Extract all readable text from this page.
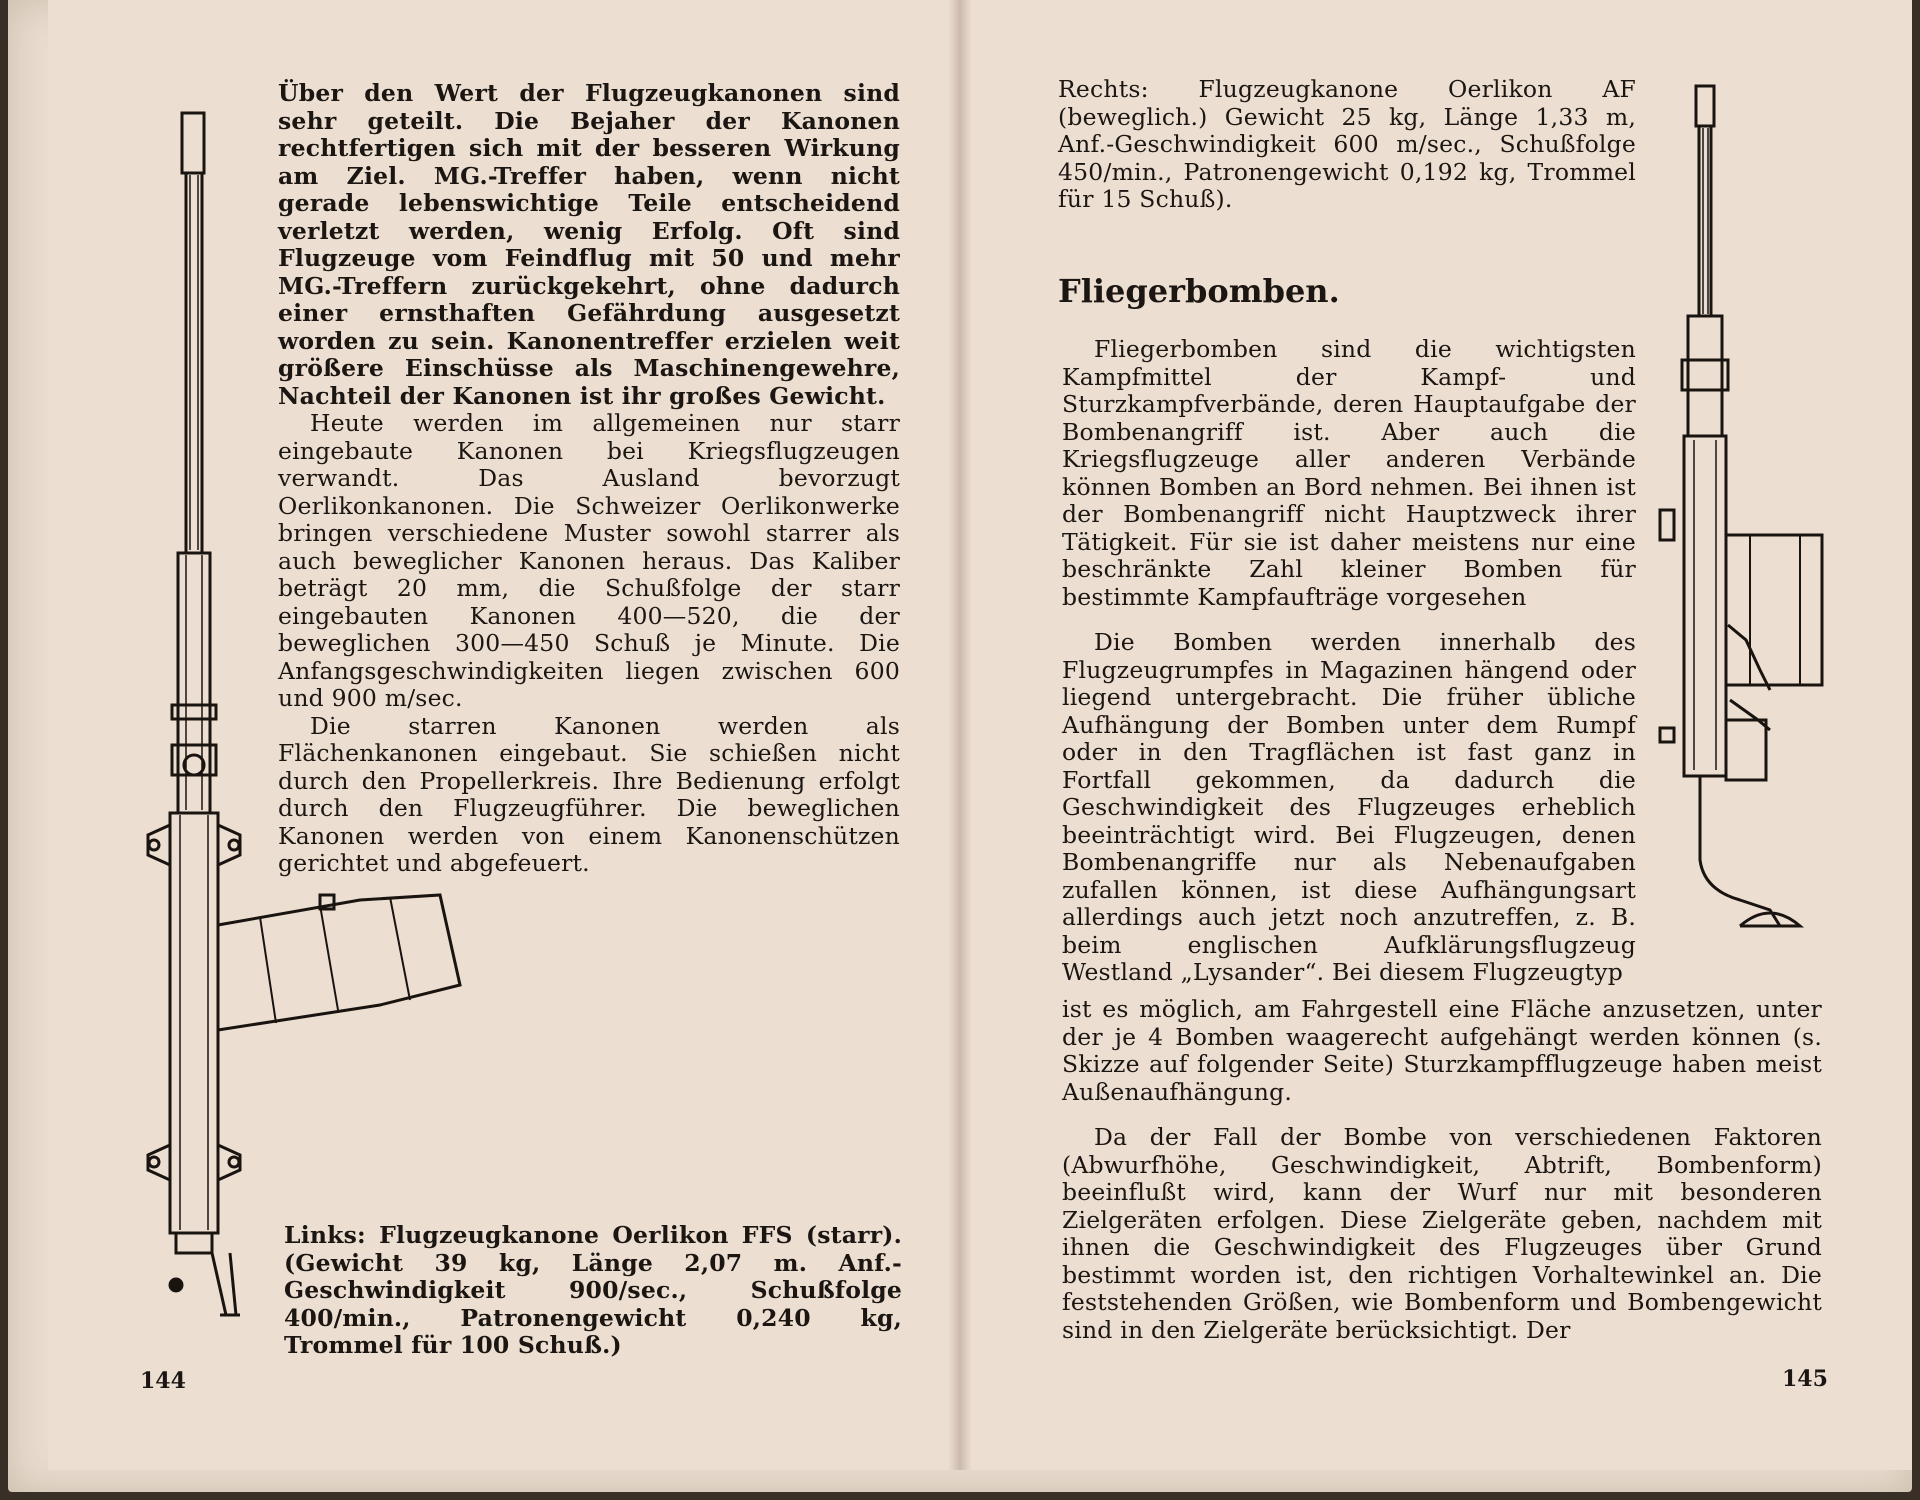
Über den Wert der Flugzeugkanonen sind sehr geteilt. Die Bejaher der Kanonen rechtfertigen sich mit der besseren Wirkung am Ziel. MG.-Treffer haben, wenn nicht gerade lebenswichtige Teile entscheidend verletzt werden, wenig Erfolg. Oft sind Flugzeuge vom Feindflug mit 50 und mehr MG.-Treffern zurückgekehrt, ohne dadurch einer ernsthaften Gefährdung ausgesetzt worden zu sein. Kanonentreffer erzielen weit größere Einschüsse als Maschinengewehre, Nachteil der Kanonen ist ihr großes Gewicht.

Heute werden im allgemeinen nur starr eingebaute Kanonen bei Kriegsflugzeugen verwandt. Das Ausland bevorzugt Oerlikonkanonen. Die Schweizer Oerlikonwerke bringen verschiedene Muster sowohl starrer als auch beweglicher Kanonen heraus. Das Kaliber beträgt 20 mm, die Schußfolge der starr eingebauten Kanonen 400—520, die der beweglichen 300—450 Schuß je Minute. Die Anfangsgeschwindigkeiten liegen zwischen 600 und 900 m/sec.

Die starren Kanonen werden als Flächenkanonen eingebaut. Sie schießen nicht durch den Propellerkreis. Ihre Bedienung erfolgt durch den Flugzeugführer. Die beweglichen Kanonen werden von einem Kanonenschützen gerichtet und abgefeuert.

Links: Flugzeugkanone Oerlikon FFS (starr). (Gewicht 39 kg, Länge 2,07 m. Anf.-Geschwindigkeit 900/sec., Schußfolge 400/min., Patronengewicht 0,240 kg, Trommel für 100 Schuß.)

144

Rechts: Flugzeugkanone Oerlikon AF (beweglich.) Gewicht 25 kg, Länge 1,33 m, Anf.-Geschwindigkeit 600 m/sec., Schußfolge 450/min., Patronengewicht 0,192 kg, Trommel für 15 Schuß).

Fliegerbomben.

Fliegerbomben sind die wichtigsten Kampfmittel der Kampf- und Sturzkampfverbände, deren Hauptaufgabe der Bombenangriff ist. Aber auch die Kriegsflugzeuge aller anderen Verbände können Bomben an Bord nehmen. Bei ihnen ist der Bombenangriff nicht Hauptzweck ihrer Tätigkeit. Für sie ist daher meistens nur eine beschränkte Zahl kleiner Bomben für bestimmte Kampfaufträge vorgesehen

Die Bomben werden innerhalb des Flugzeugrumpfes in Magazinen hängend oder liegend untergebracht. Die früher übliche Aufhängung der Bomben unter dem Rumpf oder in den Tragflächen ist fast ganz in Fortfall gekommen, da dadurch die Geschwindigkeit des Flugzeuges erheblich beeinträchtigt wird. Bei Flugzeugen, denen Bombenangriffe nur als Nebenaufgaben zufallen können, ist diese Aufhängungsart allerdings auch jetzt noch anzutreffen, z. B. beim englischen Aufklärungsflugzeug Westland „Lysander“. Bei diesem Flugzeugtyp

ist es möglich, am Fahrgestell eine Fläche anzusetzen, unter der je 4 Bomben waagerecht aufgehängt werden können (s. Skizze auf folgender Seite) Sturzkampfflugzeuge haben meist Außenaufhängung.

Da der Fall der Bombe von verschiedenen Faktoren (Abwurfhöhe, Geschwindigkeit, Abtrift, Bombenform) beeinflußt wird, kann der Wurf nur mit besonderen Zielgeräten erfolgen. Diese Zielgeräte geben, nachdem mit ihnen die Geschwindigkeit des Flugzeuges über Grund bestimmt worden ist, den richtigen Vorhaltewinkel an. Die feststehenden Größen, wie Bombenform und Bombengewicht sind in den Zielgeräte berücksichtigt. Der

145
